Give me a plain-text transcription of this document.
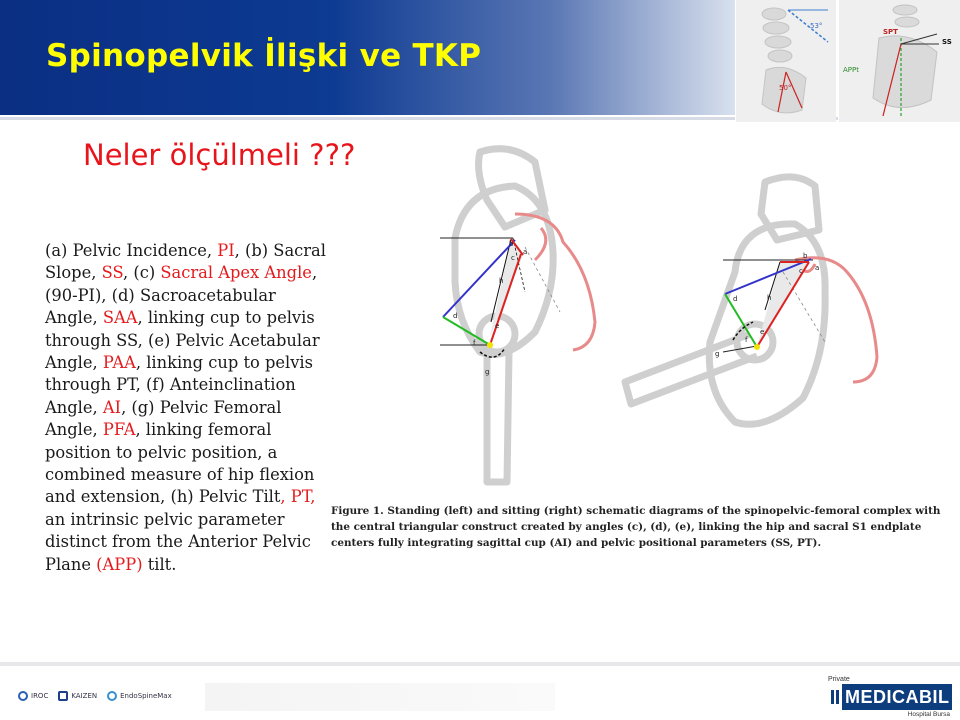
Spinopelvik İlişki ve TKP
53°
50°
SPT
SS
APPt
Neler ölçülmeli ???
(a) Pelvic Incidence, PI, (b) Sacral Slope, SS, (c) Sacral Apex Angle, (90-PI), (d) Sacroacetabular Angle, SAA, linking cup to pelvis through SS, (e) Pelvic Acetabular Angle, PAA, linking cup to pelvis through PT, (f) Anteinclination Angle, AI, (g) Pelvic Femoral Angle, PFA, linking femoral position to pelvic position, a combined measure of hip flexion and extension, (h) Pelvic Tilt, PT, an intrinsic pelvic parameter distinct from the Anterior Pelvic Plane (APP) tilt.
b
a
c
d
h
e
f
g
b
a
c
d	h
e
f
g
Figure 1. Standing (left) and sitting (right) schematic diagrams of the spinopelvic-femoral complex with the central triangular construct created by angles (c), (d), (e), linking the hip and sacral S1 endplate centers fully integrating sagittal cup (AI) and pelvic positional parameters (SS, PT).
IROC	KAIZEN	EndoSpineMax
Private
MEDICABIL
Hospital Bursa
